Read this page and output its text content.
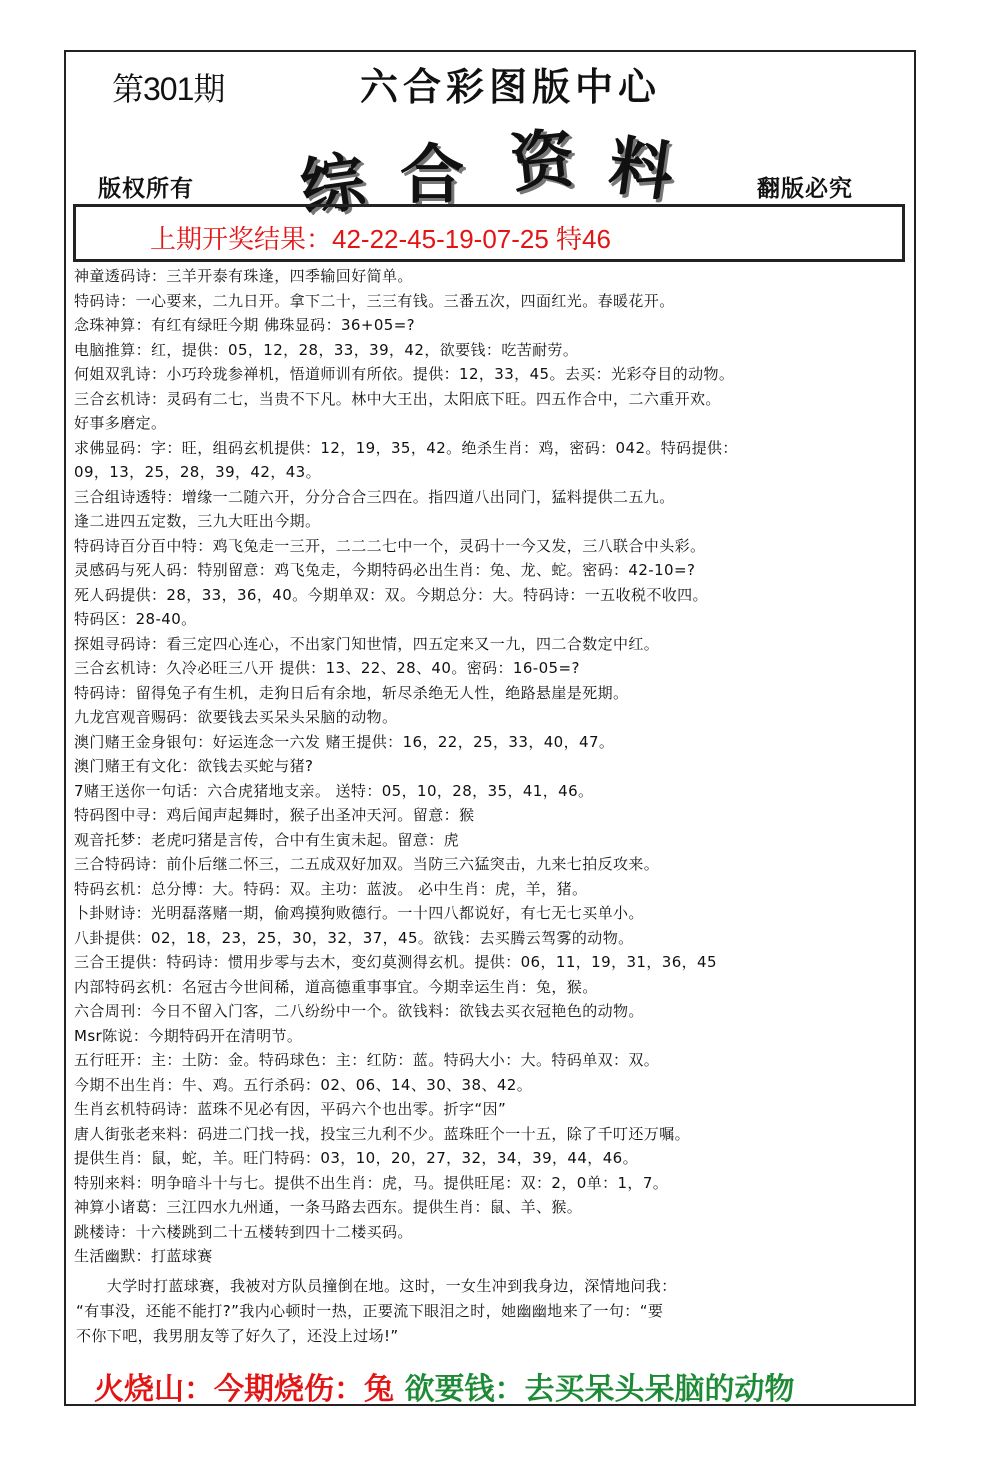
第301期	六合彩图版中心
综 合 资 料
版权所有	翻版必究
上期开奖结果：42-22-45-19-07-25 特46
神童透码诗：三羊开泰有珠逢，四季输回好简单。
特码诗：一心要来，二九日开。拿下二十，三三有钱。三番五次，四面红光。春暖花开。
念珠神算：有红有绿旺今期 佛珠显码：36+05=?
电脑推算：红，提供：05，12，28，33，39，42，欲要钱：吃苦耐劳。
何姐双乳诗：小巧玲珑参禅机，悟道师训有所依。提供：12，33，45。去买：光彩夺目的动物。
三合玄机诗：灵码有二七，当贵不下凡。林中大王出，太阳底下旺。四五作合中，二六重开欢。
好事多磨定。
求佛显码：字：旺，组码玄机提供：12，19，35，42。绝杀生肖：鸡，密码：042。特码提供：
09，13，25，28，39，42，43。
三合组诗透特：增缘一二随六开，分分合合三四在。指四道八出同门，猛料提供二五九。
逢二进四五定数，三九大旺出今期。
特码诗百分百中特：鸡飞兔走一三开，二二二七中一个，灵码十一今又发，三八联合中头彩。
灵感码与死人码：特别留意：鸡飞兔走，今期特码必出生肖：兔、龙、蛇。密码：42-10=?
死人码提供：28，33，36，40。今期单双：双。今期总分：大。特码诗：一五收税不收四。
特码区：28-40。
探姐寻码诗：看三定四心连心，不出家门知世情，四五定来又一九，四二合数定中红。
三合玄机诗：久冷必旺三八开 提供：13、22、28、40。密码：16-05=?
特码诗：留得兔子有生机，走狗日后有余地，斩尽杀绝无人性，绝路悬崖是死期。
九龙宫观音赐码：欲要钱去买呆头呆脑的动物。
澳门赌王金身银句：好运连念一六发 赌王提供：16，22，25，33，40，47。
澳门赌王有文化：欲钱去买蛇与猪?
7赌王送你一句话：六合虎猪地支亲。 送特：05，10，28，35，41，46。
特码图中寻：鸡后闻声起舞时，猴子出圣冲天河。留意：猴
观音托梦：老虎叼猪是言传，合中有生寅未起。留意：虎
三合特码诗：前仆后继二怀三，二五成双好加双。当防三六猛突击，九来七拍反攻来。
特码玄机：总分博：大。特码：双。主功：蓝波。 必中生肖：虎，羊，猪。
卜卦财诗：光明磊落赌一期，偷鸡摸狗败德行。一十四八都说好，有七无七买单小。
八卦提供：02，18，23，25，30，32，37，45。欲钱：去买腾云驾雾的动物。
三合王提供：特码诗：惯用步零与去木，变幻莫测得玄机。提供：06，11，19，31，36，45
内部特码玄机：名冠古今世间稀，道高德重事事宜。今期幸运生肖：兔，猴。
六合周刊：今日不留入门客，二八纷纷中一个。欲钱料：欲钱去买衣冠艳色的动物。
Msr陈说：今期特码开在清明节。
五行旺开：主：土防：金。特码球色：主：红防：蓝。特码大小：大。特码单双：双。
今期不出生肖：牛、鸡。五行杀码：02、06、14、30、38、42。
生肖玄机特码诗：蓝珠不见必有因，平码六个也出零。折字“因”
唐人街张老来料：码进二门找一找，投宝三九利不少。蓝珠旺个一十五，除了千叮还万嘱。
提供生肖：鼠，蛇，羊。旺门特码：03，10，20，27，32，34，39，44，46。
特别来料：明争暗斗十与七。提供不出生肖：虎，马。提供旺尾：双：2，0单：1，7。
神算小诸葛：三江四水九州通，一条马路去西东。提供生肖：鼠、羊、猴。
跳楼诗：十六楼跳到二十五楼转到四十二楼买码。
生活幽默：打蓝球赛
　　大学时打蓝球赛，我被对方队员撞倒在地。这时，一女生冲到我身边，深情地问我：
“有事没，还能不能打?”我内心顿时一热，正要流下眼泪之时，她幽幽地来了一句：“要
不你下吧，我男朋友等了好久了，还没上过场!”
火烧山：今期烧伤：兔 欲要钱：去买呆头呆脑的动物
